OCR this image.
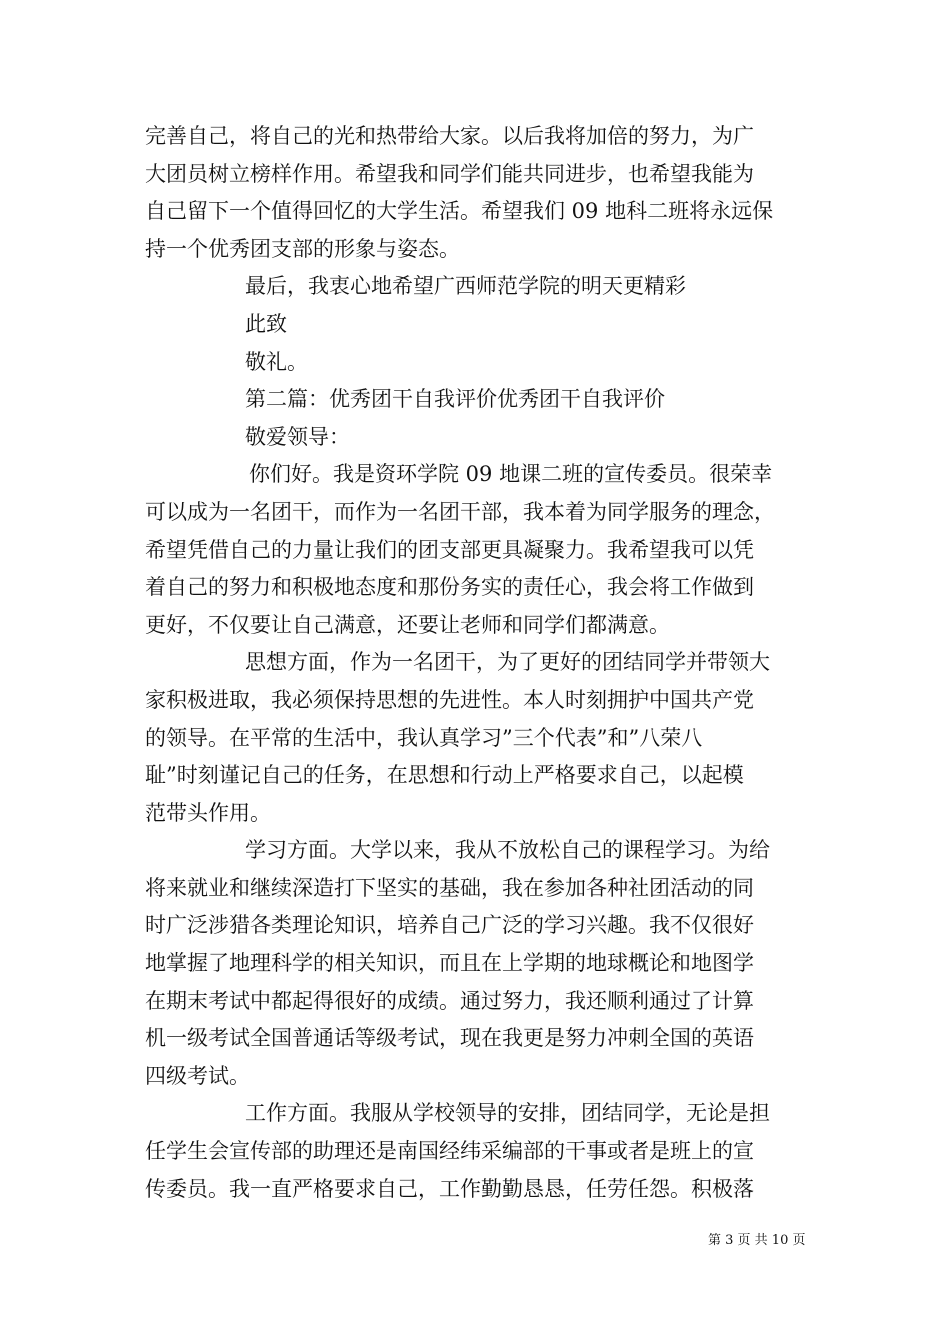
完善自己，将自己的光和热带给大家。以后我将加倍的努力，为广
大团员树立榜样作用。希望我和同学们能共同进步，也希望我能为
自己留下一个值得回忆的大学生活。希望我们 09 地科二班将永远保
持一个优秀团支部的形象与姿态。
最后，我衷心地希望广西师范学院的明天更精彩
此致
敬礼。
第二篇：优秀团干自我评价优秀团干自我评价
敬爱领导：
你们好。我是资环学院 09 地课二班的宣传委员。很荣幸
可以成为一名团干，而作为一名团干部，我本着为同学服务的理念，
希望凭借自己的力量让我们的团支部更具凝聚力。我希望我可以凭
着自己的努力和积极地态度和那份务实的责任心，我会将工作做到
更好，不仅要让自己满意，还要让老师和同学们都满意。
思想方面，作为一名团干，为了更好的团结同学并带领大
家积极进取，我必须保持思想的先进性。本人时刻拥护中国共产党
的领导。在平常的生活中，我认真学习”三个代表”和”八荣八
耻”时刻谨记自己的任务，在思想和行动上严格要求自己，以起模
范带头作用。
学习方面。大学以来，我从不放松自己的课程学习。为给
将来就业和继续深造打下坚实的基础，我在参加各种社团活动的同
时广泛涉猎各类理论知识，培养自己广泛的学习兴趣。我不仅很好
地掌握了地理科学的相关知识，而且在上学期的地球概论和地图学
在期末考试中都起得很好的成绩。通过努力，我还顺利通过了计算
机一级考试全国普通话等级考试，现在我更是努力冲刺全国的英语
四级考试。
工作方面。我服从学校领导的安排，团结同学，无论是担
任学生会宣传部的助理还是南国经纬采编部的干事或者是班上的宣
传委员。我一直严格要求自己，工作勤勤恳恳，任劳任怨。积极落
第 3 页 共 10 页
